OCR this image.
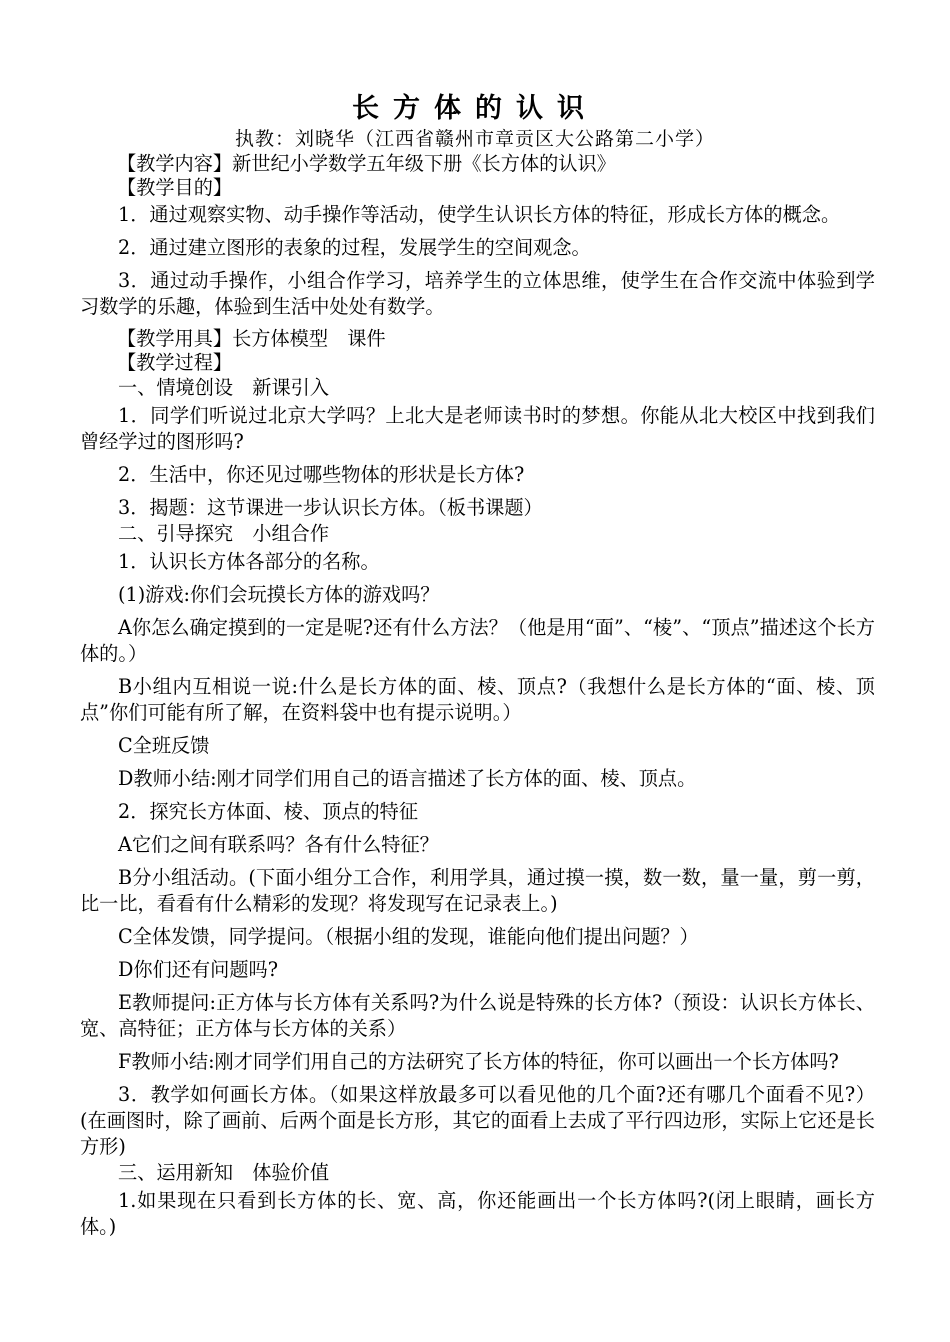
长方体的认识
执教：刘晓华（江西省赣州市章贡区大公路第二小学）

【教学内容】新世纪小学数学五年级下册《长方体的认识》

【教学目的】

1．通过观察实物、动手操作等活动，使学生认识长方体的特征，形成长方体的概念。

2．通过建立图形的表象的过程，发展学生的空间观念。

3．通过动手操作，小组合作学习，培养学生的立体思维，使学生在合作交流中体验到学习数学的乐趣，体验到生活中处处有数学。

【教学用具】长方体模型　课件

【教学过程】

一、情境创设　新课引入

1．同学们听说过北京大学吗？上北大是老师读书时的梦想。你能从北大校区中找到我们曾经学过的图形吗?

2．生活中，你还见过哪些物体的形状是长方体?

3．揭题：这节课进一步认识长方体。（板书课题）

二、引导探究　小组合作

1．认识长方体各部分的名称。

(1)游戏:你们会玩摸长方体的游戏吗？

A你怎么确定摸到的一定是呢?还有什么方法？（他是用“面”、“棱”、“顶点”描述这个长方体的。）

B小组内互相说一说:什么是长方体的面、棱、顶点?（我想什么是长方体的“面、棱、顶点”你们可能有所了解，在资料袋中也有提示说明。）

C全班反馈

D教师小结:刚才同学们用自己的语言描述了长方体的面、棱、顶点。

2．探究长方体面、棱、顶点的特征

A它们之间有联系吗？各有什么特征？

B分小组活动。(下面小组分工合作，利用学具，通过摸一摸，数一数，量一量，剪一剪，比一比，看看有什么精彩的发现？将发现写在记录表上。)

C全体发馈，同学提问。（根据小组的发现，谁能向他们提出问题？）

D你们还有问题吗?

E教师提问:正方体与长方体有关系吗?为什么说是特殊的长方体?（预设：认识长方体长、宽、高特征；正方体与长方体的关系）

F教师小结:刚才同学们用自己的方法研究了长方体的特征，你可以画出一个长方体吗?

3．教学如何画长方体。（如果这样放最多可以看见他的几个面?还有哪几个面看不见?）(在画图时，除了画前、后两个面是长方形，其它的面看上去成了平行四边形，实际上它还是长方形)

三、运用新知　体验价值

1.如果现在只看到长方体的长、宽、高，你还能画出一个长方体吗?(闭上眼睛，画长方体。)
